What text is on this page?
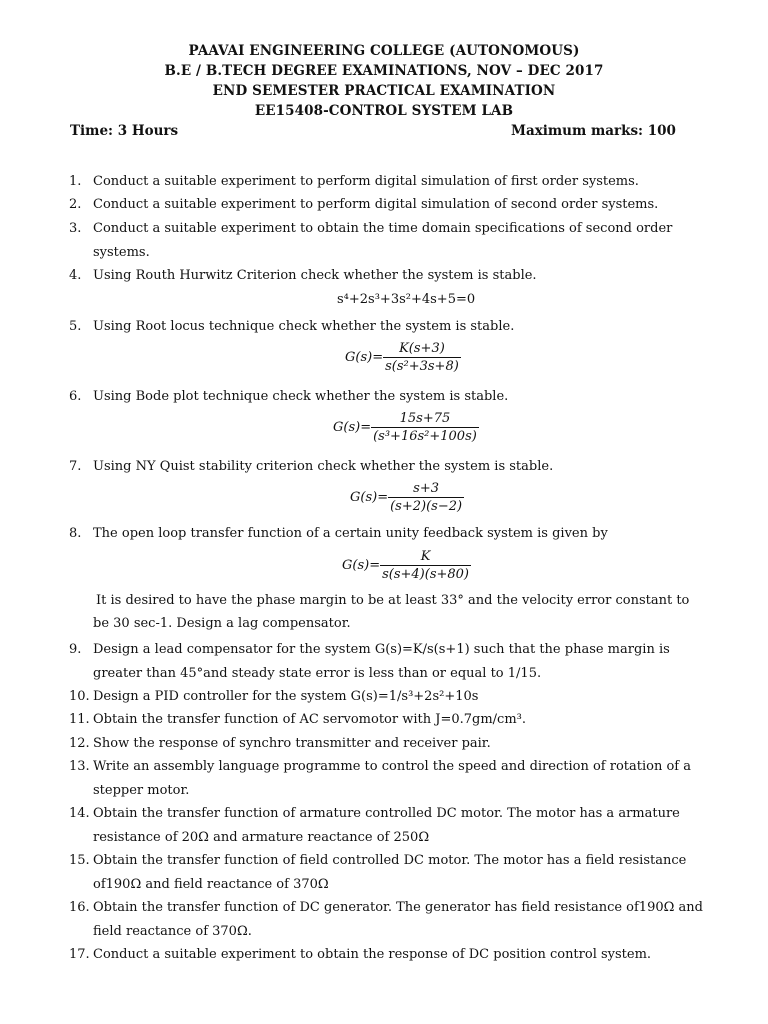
PAAVAI ENGINEERING COLLEGE (AUTONOMOUS)
B.E / B.TECH DEGREE EXAMINATIONS, NOV – DEC 2017
END SEMESTER PRACTICAL EXAMINATION
EE15408-CONTROL SYSTEM LAB
Time: 3 Hours	Maximum marks: 100
1. Conduct a suitable experiment to perform digital simulation of first order systems.
2. Conduct a suitable experiment to perform digital simulation of second order systems.
3. Conduct a suitable experiment to obtain the time domain specifications of second order systems.
4. Using Routh Hurwitz Criterion check whether the system is stable.
s⁴+2s³+3s²+4s+5=0
5. Using Root locus technique check whether the system is stable.
$G(s)= \frac{K(s+3)}{\text{s(s²+3s+8)}}$
6. Using Bode plot technique check whether the system is stable.
$G(s)= \frac{15s+75}{\text{(s³+16s²+100s)}}$
7. Using NY Quist stability criterion check whether the system is stable.
$G(s)= \frac{s+3}{(s+2)(s-2)}$
8. The open loop transfer function of a certain unity feedback system is given by
$G(s)= \frac{K}{s(s+4)(s+80)}$
It is desired to have the phase margin to be at least 33° and the velocity error constant to
be 30 sec-1. Design a lag compensator.
9. Design a lead compensator for the system G(s)=K/s(s+1) such that the phase margin is greater than 45°and steady state error is less than or equal to 1/15.
10. Design a PID controller for the system G(s)=1/s³+2s²+10s
11. Obtain the transfer function of AC servomotor with J=0.7gm/cm³.
12. Show the response of synchro transmitter and receiver pair.
13. Write an assembly language programme to control the speed and direction of rotation of a stepper motor.
14. Obtain the transfer function of armature controlled DC motor. The motor has a armature resistance of 20Ω and armature reactance of 250Ω
15. Obtain the transfer function of field controlled DC motor. The motor has a field resistance of190Ω and field reactance of 370Ω
16. Obtain the transfer function of DC generator. The generator has field resistance of190Ω and field reactance of 370Ω.
17. Conduct a suitable experiment to obtain the response of DC position control system.
